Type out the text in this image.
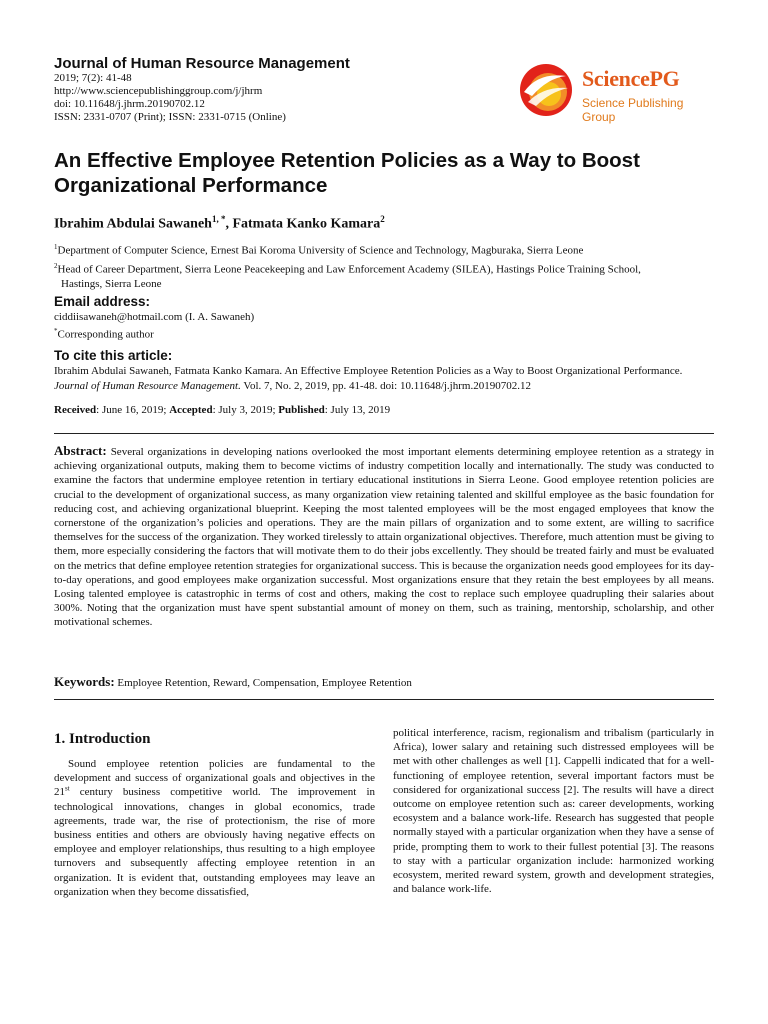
Journal of Human Resource Management

2019; 7(2): 41-48

http://www.sciencepublishinggroup.com/j/jhrm

doi: 10.11648/j.jhrm.20190702.12

ISSN: 2331-0707 (Print); ISSN: 2331-0715 (Online)

SciencePG
Science Publishing Group
An Effective Employee Retention Policies as a Way to Boost Organizational Performance

Ibrahim Abdulai Sawaneh$^{1, *}$, Fatmata Kanko Kamara$^2$

$^1$Department of Computer Science, Ernest Bai Koroma University of Science and Technology, Magburaka, Sierra Leone

$^2$Head of Career Department, Sierra Leone Peacekeeping and Law Enforcement Academy (SILEA), Hastings Police Training School,

Hastings, Sierra Leone

Email address:

ciddiisawaneh@hotmail.com (I. A. Sawaneh)

*Corresponding author

To cite this article:

Ibrahim Abdulai Sawaneh, Fatmata Kanko Kamara. An Effective Employee Retention Policies as a Way to Boost Organizational Performance. Journal of Human Resource Management. Vol. 7, No. 2, 2019, pp. 41-48. doi: 10.11648/j.jhrm.20190702.12

Received: June 16, 2019; Accepted: July 3, 2019; Published: July 13, 2019

Abstract: Several organizations in developing nations overlooked the most important elements determining employee retention as a strategy in achieving organizational outputs, making them to become victims of industry competition locally and internationally. The study was conducted to examine the factors that undermine employee retention in tertiary educational institutions in Sierra Leone. Good employee retention policies are crucial to the development of organizational success, as many organization view retaining talented and skillful employee as the basic foundation for reducing cost, and achieving organizational blueprint. Keeping the most talented employees will be the most engaged employees that know the cornerstone of the organization’s policies and operations. They are the main pillars of organization and to some extent, are willing to sacrifice themselves for the success of the organization. They worked tirelessly to attain organizational objectives. Therefore, much attention must be giving to them, more especially considering the factors that will motivate them to do their jobs excellently. They should be treated fairly and must be evaluated on the metrics that define employee retention strategies for organizational success. This is because the organization needs good employees for its day-to-day operations, and good employees make organization successful. Most organizations ensure that they retain the best employees by all means. Losing talented employee is catastrophic in terms of cost and others, making the cost to replace such employee quadrupling their salaries about 300%. Noting that the organization must have spent substantial amount of money on them, such as training, mentorship, scholarship, and other motivational schemes.

Keywords: Employee Retention, Reward, Compensation, Employee Retention

1. Introduction

Sound employee retention policies are fundamental to the development and success of organizational goals and objectives in the 21st century business competitive world. The improvement in technological innovations, changes in global economics, trade agreements, trade war, the rise of protectionism, the rise of more business entities and others are obviously having negative effects on employee and employer relationships, thus resulting to a high employee turnovers and subsequently affecting employee retention in an organization. It is evident that, outstanding employees may leave an organization when they become dissatisfied,

political interference, racism, regionalism and tribalism (particularly in Africa), lower salary and retaining such distressed employees will be met with other challenges as well [1]. Cappelli indicated that for a well-functioning of employee retention, several important factors must be considered for organizational success [2]. The results will have a direct outcome on employee retention such as: career developments, working ecosystem and a balance work-life. Research has suggested that people normally stayed with a particular organization when they have a sense of pride, prompting them to work to their fullest potential [3]. The reasons to stay with a particular organization include: harmonized working ecosystem, merited reward system, growth and development strategies, and balance work-life.
